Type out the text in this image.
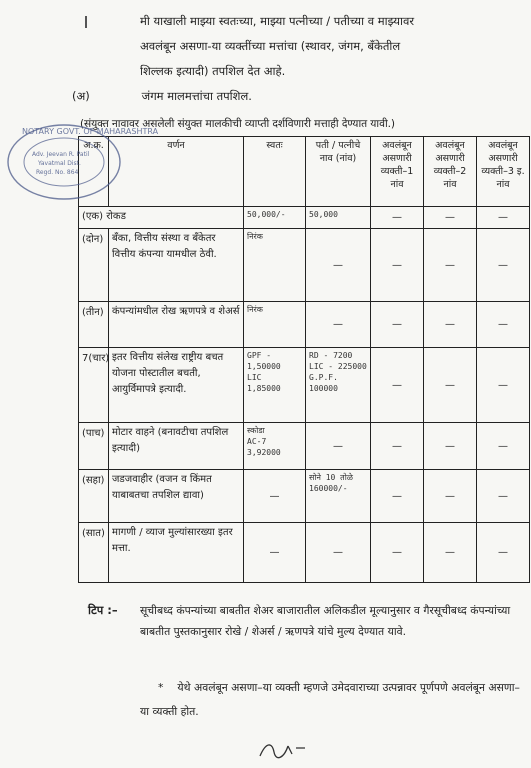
मी याखाली माझ्या स्वतःच्या, माझ्या पत्नीच्या / पतीच्या व माझ्यावर
अवलंबून असणा-या व्यक्तींच्या मत्तांचा (स्थावर, जंगम, बँकेतील
शिल्लक इत्यादी) तपशिल देत आहे.
(अ)	जंगम मालमत्तांचा तपशिल.
(संयुक्त नावावर असलेली संयुक्त मालकीची व्याप्ती दर्शविणारी मत्ताही देण्यात यावी.)
अ.क्र.	वर्णन	स्वतः	पती / पत्नीचे नाव (नांव)	अवलंबून असणारी व्यक्ती–1 नांव	अवलंबून असणारी व्यक्ती–2 नांव	अवलंबून असणारी व्यक्ती–3 इ. नांव
(एक) रोकड		50,000/-	50,000	—	—	—

(दोन)	बँका, वित्तीय संस्था व बँकेतर वित्तीय कंपन्या यामधील ठेवी.	निरंक	—	—	—	—

(तीन)	कंपन्यांमधील रोख ऋणपत्रे व शेअर्स	निरंक	—	—	—	—

7(चार)	इतर वित्तीय संलेख राष्ट्रीय बचत योजना पोस्टातील बचती, आयुर्विमापत्रे इत्यादी.	GPF -
1,50000
LIC
1,85000	RD - 7200
LIC - 225000
G.P.F. 100000	—	—	—

(पाच)	मोटार वाहने (बनावटीचा तपशिल इत्यादी)	स्कोडा
AC-7
3,92000	—	—	—	—

(सहा)	जडजवाहीर (वजन व किंमत याबाबतचा तपशिल द्यावा)	—	सोने 10 तोळे
160000/-	—	—	—

(सात)	मागणी / व्याज मुल्यांसारख्या इतर मत्ता.	—	—	—	—	—
टिप :– सूचीबध्द कंपन्यांच्या बाबतीत शेअर बाजारातील अलिकडील मूल्यानुसार व गैरसूचीबध्द कंपन्यांच्या बाबतीत पुस्तकानुसार रोखे / शेअर्स / ऋणपत्रे यांचे मुल्य देण्यात यावे.
* येथे अवलंबून असणा–या व्यक्ती म्हणजे उमेदवाराच्या उत्पन्नावर पूर्णपणे अवलंबून असणा–या व्यक्ती होत.
NOTARY GOVT. OF MAHARASHTRA
Adv. Jeevan R. Patil
Yavatmal Dist.
Regd. No. 864
